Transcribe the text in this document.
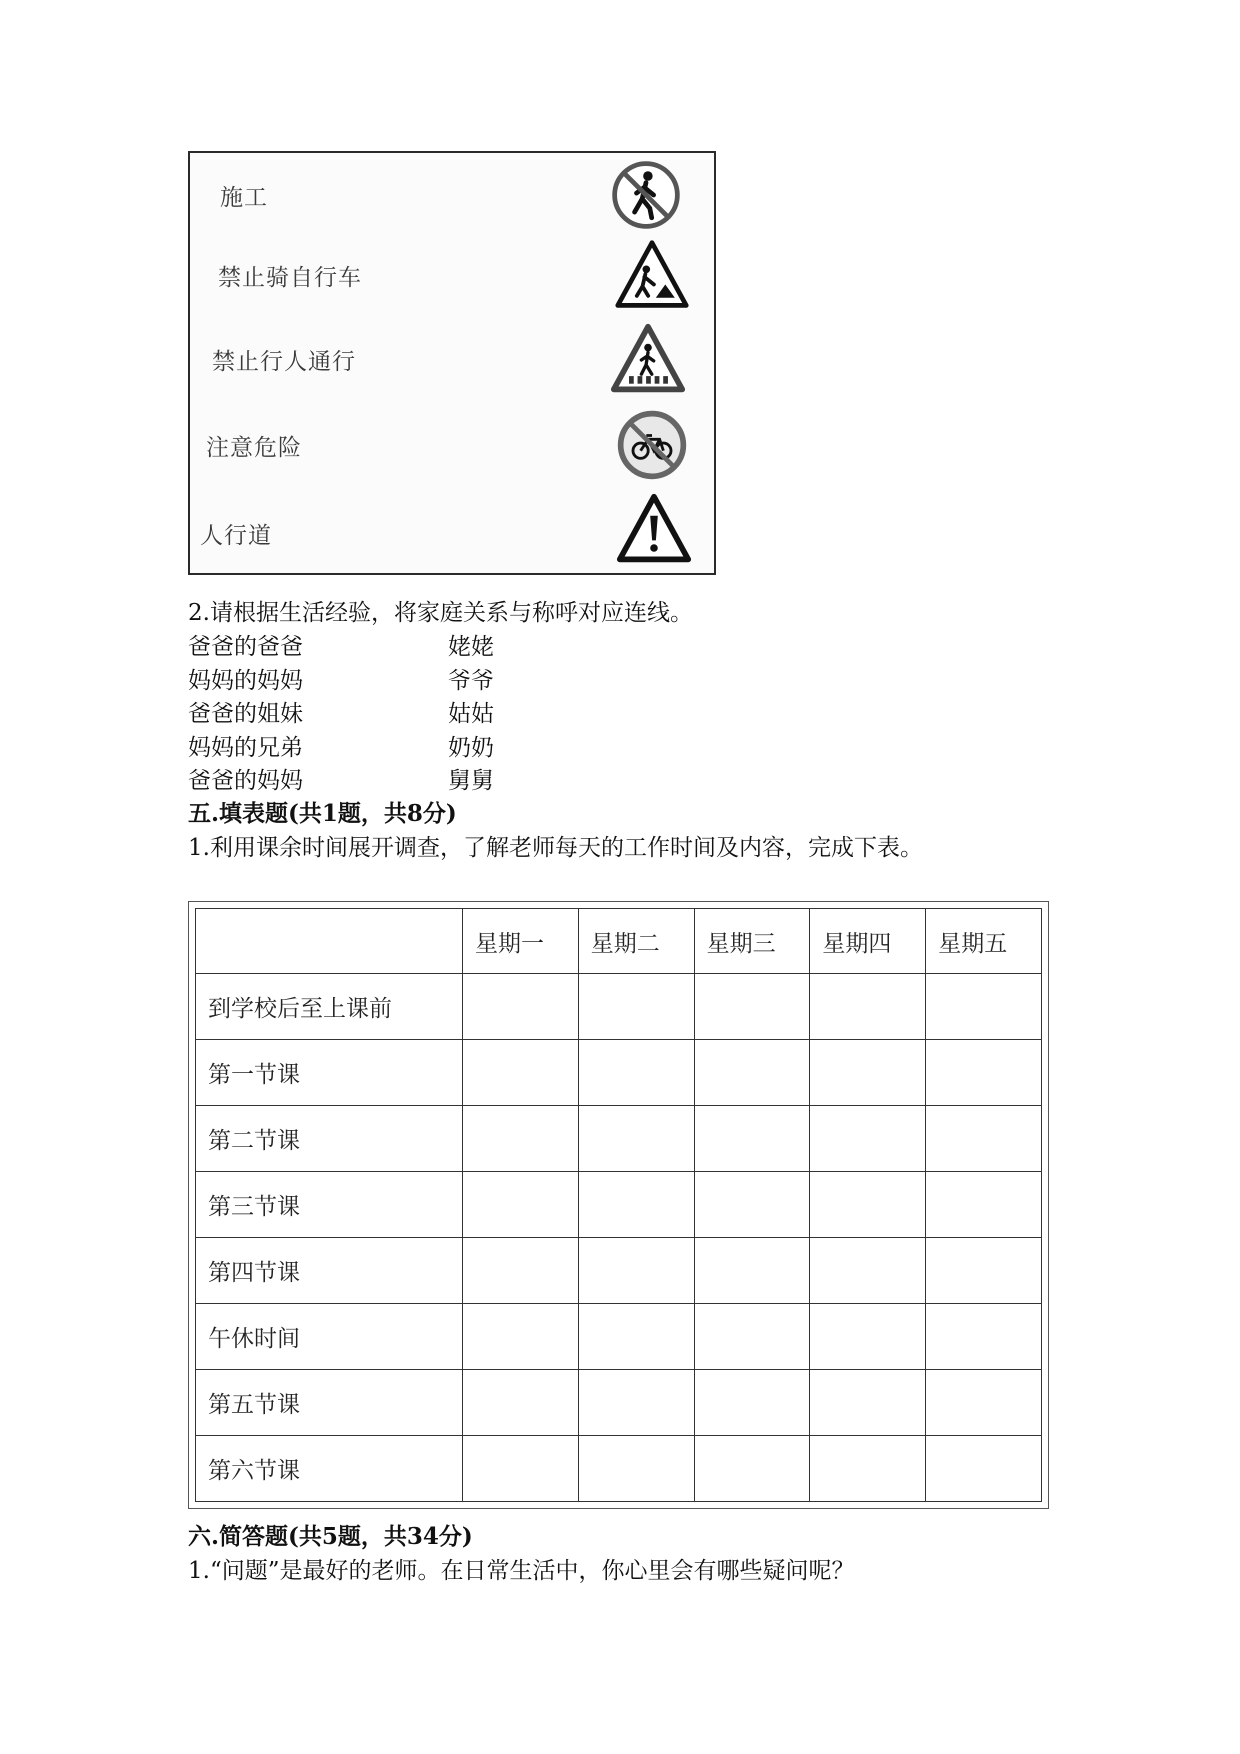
施工
禁止骑自行车
禁止行人通行
注意危险
人行道
2.请根据生活经验，将家庭关系与称呼对应连线。
爸爸的爸爸	姥姥
妈妈的妈妈	爷爷
爸爸的姐妹	姑姑
妈妈的兄弟	奶奶
爸爸的妈妈	舅舅
五.填表题(共1题，共8分)
1.利用课余时间展开调查，了解老师每天的工作时间及内容，完成下表。
	星期一	星期二	星期三	星期四	星期五
到学校后至上课前					
第一节课					
第二节课					
第三节课					
第四节课					
午休时间					
第五节课					
第六节课					
六.简答题(共5题，共34分)
1.“问题”是最好的老师。在日常生活中，你心里会有哪些疑问呢？
